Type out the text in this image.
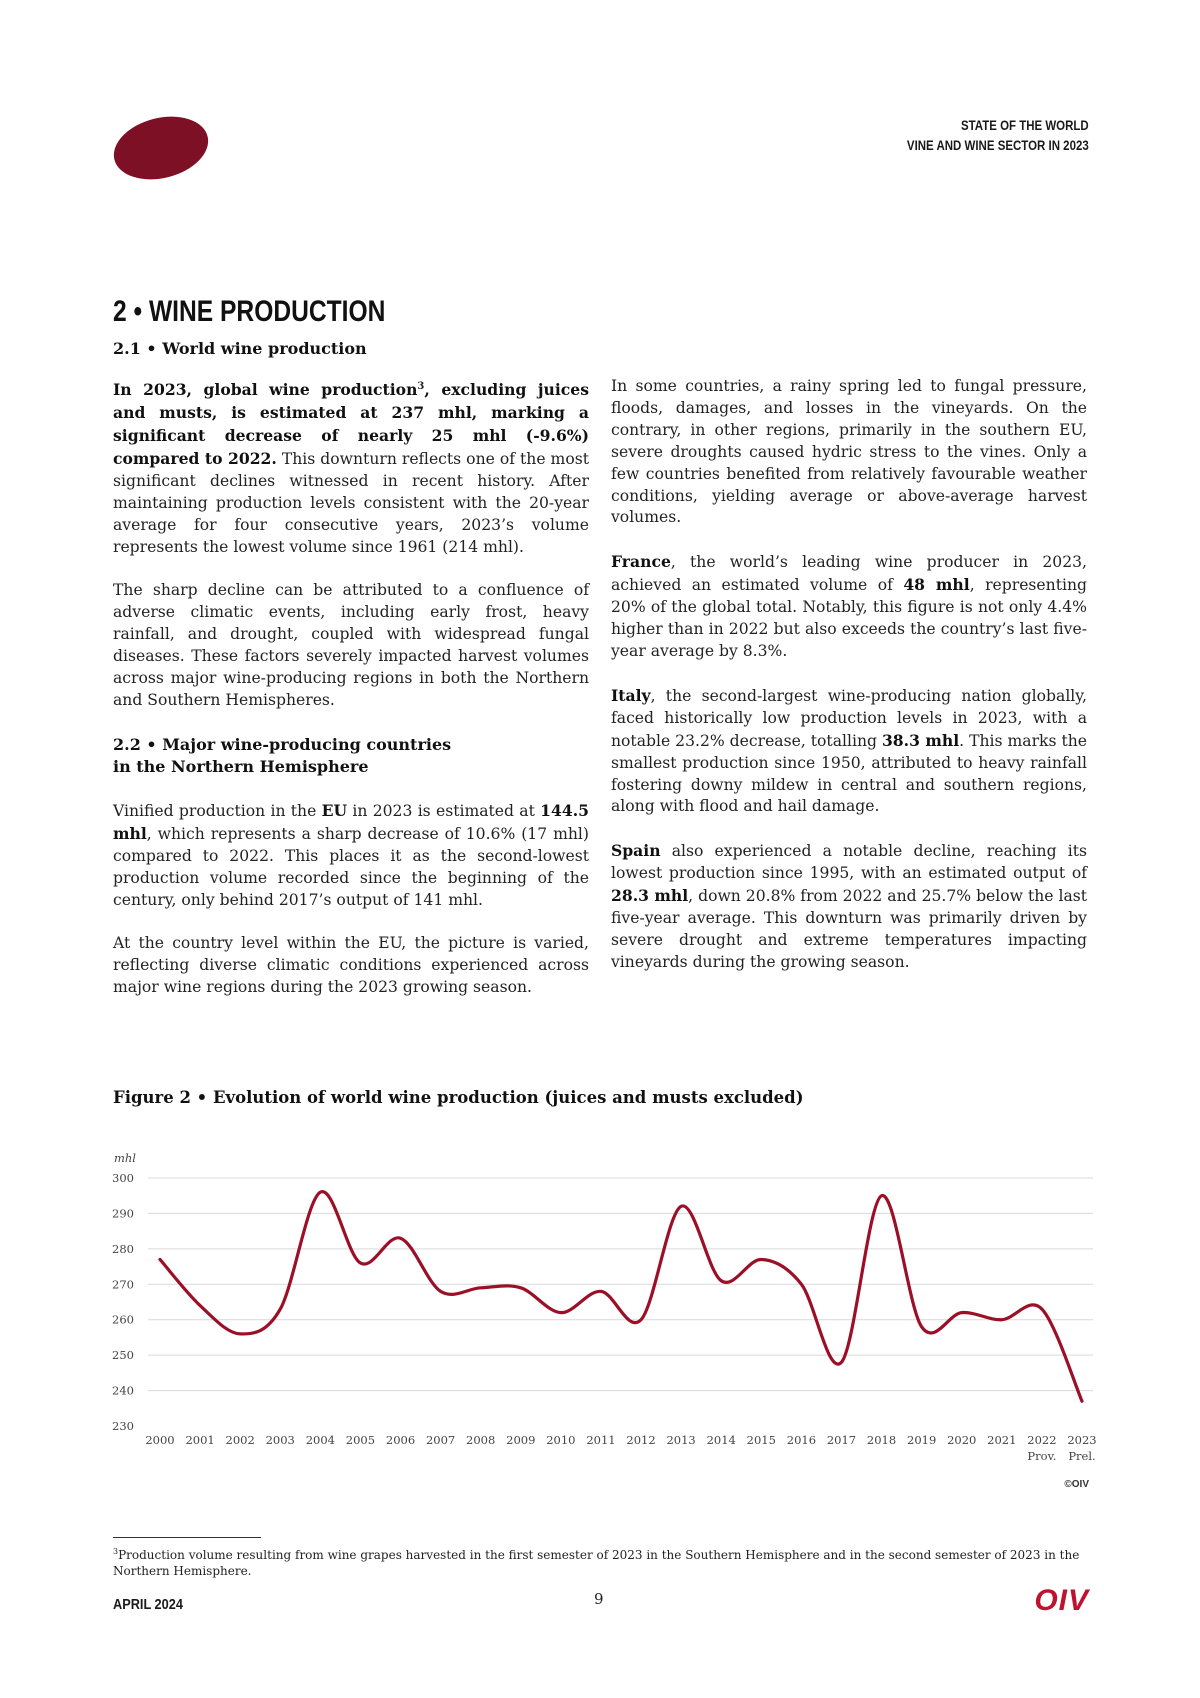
STATE OF THE WORLD
VINE AND WINE SECTOR IN 2023
2 • WINE PRODUCTION
2.1 • World wine production

In 2023, global wine production$^3$, excluding juices and musts, is estimated at 237 mhl, marking a significant decrease of nearly 25 mhl (-9.6%) compared to 2022. This downturn reflects one of the most significant declines witnessed in recent history. After maintaining production levels consistent with the 20-year average for four consecutive years, 2023’s volume represents the lowest volume since 1961 (214 mhl).

The sharp decline can be attributed to a confluence of adverse climatic events, including early frost, heavy rainfall, and drought, coupled with widespread fungal diseases. These factors severely impacted harvest volumes across major wine-producing regions in both the Northern and Southern Hemispheres.

2.2 • Major wine-producing countries
in the Northern Hemisphere

Vinified production in the EU in 2023 is estimated at 144.5 mhl, which represents a sharp decrease of 10.6% (17 mhl) compared to 2022. This places it as the second-lowest production volume recorded since the beginning of the century, only behind 2017’s output of 141 mhl.

At the country level within the EU, the picture is varied, reflecting diverse climatic conditions experienced across major wine regions during the 2023 growing season.

In some countries, a rainy spring led to fungal pressure, floods, damages, and losses in the vineyards. On the contrary, in other regions, primarily in the southern EU, severe droughts caused hydric stress to the vines. Only a few countries benefited from relatively favourable weather conditions, yielding average or above-average harvest volumes.

France, the world’s leading wine producer in 2023, achieved an estimated volume of 48 mhl, representing 20% of the global total. Notably, this figure is not only 4.4% higher than in 2022 but also exceeds the country’s last five-year average by 8.3%.

Italy, the second-largest wine-producing nation globally, faced historically low production levels in 2023, with a notable 23.2% decrease, totalling 38.3 mhl. This marks the smallest production since 1950, attributed to heavy rainfall fostering downy mildew in central and southern regions, along with flood and hail damage.

Spain also experienced a notable decline, reaching its lowest production since 1995, with an estimated output of 28.3 mhl, down 20.8% from 2022 and 25.7% below the last five-year average. This downturn was primarily driven by severe drought and extreme temperatures impacting vineyards during the growing season.

Figure 2 • Evolution of world wine production (juices and musts excluded)
mhl
230
240
250
260
270
280
290
300
2000 2001 2002 2003 2004 2005 2006 2007 2008 2009 2010 2011 2012 2013 2014 2015 2016 2017 2018 2019 2020 2021 2022
Prov.
2023
Prel.
©OIV
$^3$Production volume resulting from wine grapes harvested in the first semester of 2023 in the Southern Hemisphere and in the second semester of 2023 in the Northern Hemisphere.
APRIL 2024	9	OIV
